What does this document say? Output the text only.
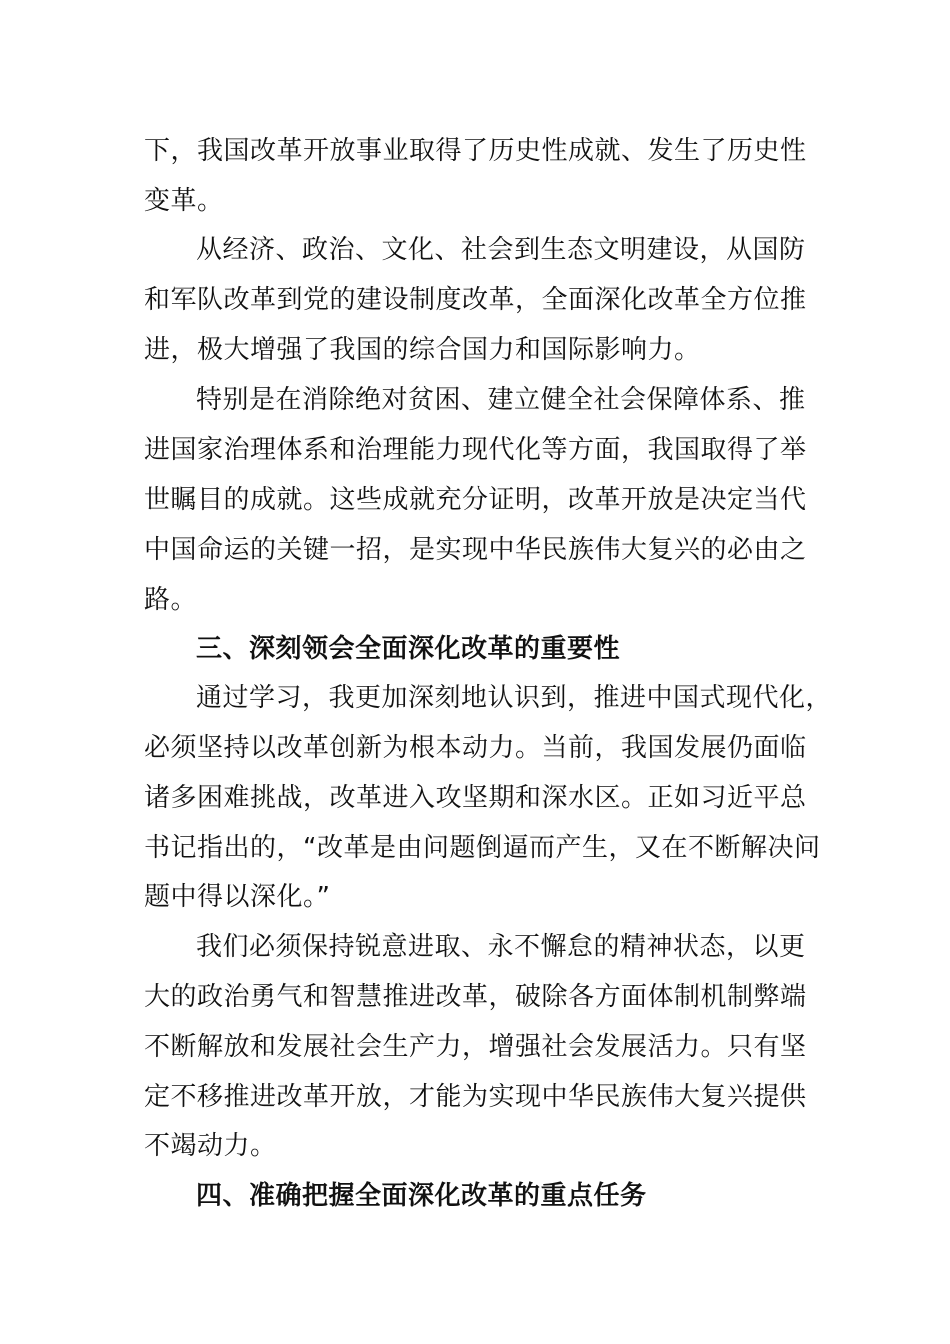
下，我国改革开放事业取得了历史性成就、发生了历史性
变革。
从经济、政治、文化、社会到生态文明建设，从国防
和军队改革到党的建设制度改革，全面深化改革全方位推
进，极大增强了我国的综合国力和国际影响力。
特别是在消除绝对贫困、建立健全社会保障体系、推
进国家治理体系和治理能力现代化等方面，我国取得了举
世瞩目的成就。这些成就充分证明，改革开放是决定当代
中国命运的关键一招，是实现中华民族伟大复兴的必由之
路。
三、深刻领会全面深化改革的重要性
通过学习，我更加深刻地认识到，推进中国式现代化，
必须坚持以改革创新为根本动力。当前，我国发展仍面临
诸多困难挑战，改革进入攻坚期和深水区。正如习近平总
书记指出的，“改革是由问题倒逼而产生，又在不断解决问
题中得以深化。”
我们必须保持锐意进取、永不懈怠的精神状态，以更
大的政治勇气和智慧推进改革，破除各方面体制机制弊端
不断解放和发展社会生产力，增强社会发展活力。只有坚
定不移推进改革开放，才能为实现中华民族伟大复兴提供
不竭动力。
四、准确把握全面深化改革的重点任务
